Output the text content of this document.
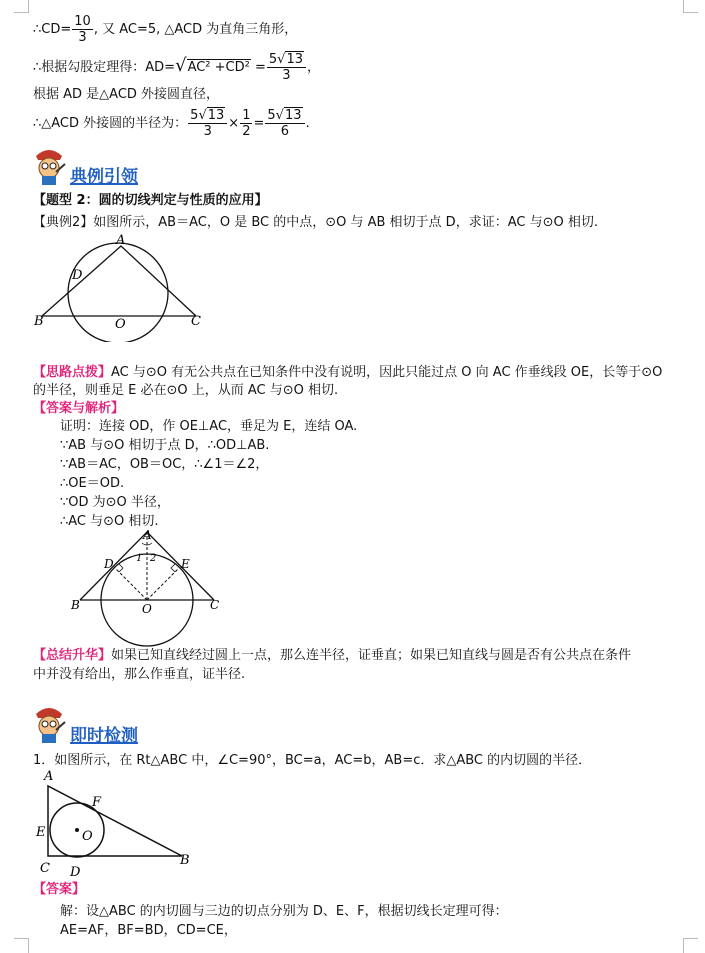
∴CD= $\frac{10}{3}$ , 又 AC=5, △ACD 为直角三角形，
∴根据勾股定理得：$AD=√AC^2 +CD^2 = \frac{5√13}{3}$ ，
根据 AD 是△ACD 外接圆直径，
∴△ACD 外接圆的半径为： $\frac{5√13}{3} \times \frac{1}{2} = \frac{5√13}{6}$ .
典例引领
【题型 2：圆的切线判定与性质的应用】
【典例2】如图所示，AB＝AC，O 是 BC 的中点，⊙O 与 AB 相切于点 D，求证：AC 与⊙O 相切.
A
B	C
D
O
【思路点拨】AC 与⊙O 有无公共点在已知条件中没有说明，因此只能过点 O 向 AC 作垂线段 OE，长等于⊙O
的半径，则垂足 E 必在⊙O 上，从而 AC 与⊙O 相切.
【答案与解析】
证明：连接 OD，作 OE⊥AC，垂足为 E，连结 OA.
∵AB 与⊙O 相切于点 D，∴OD⊥AB.
∵AB＝AC，OB＝OC，∴∠1＝∠2，
∴OE＝OD.
∵OD 为⊙O 半径，
∴AC 与⊙O 相切.
A
B	C
D	E
O
1 2
【总结升华】如果已知直线经过圆上一点，那么连半径，证垂直；如果已知直线与圆是否有公共点在条件
中并没有给出，那么作垂直，证半径.
即时检测
1．如图所示，在 Rt△ABC 中，∠C=90°，BC=a，AC=b，AB=c．求△ABC 的内切圆的半径．
A
C
B
D
E
F
O
【答案】
解：设△ABC 的内切圆与三边的切点分别为 D、E、F，根据切线长定理可得：
AE=AF，BF=BD，CD=CE，
